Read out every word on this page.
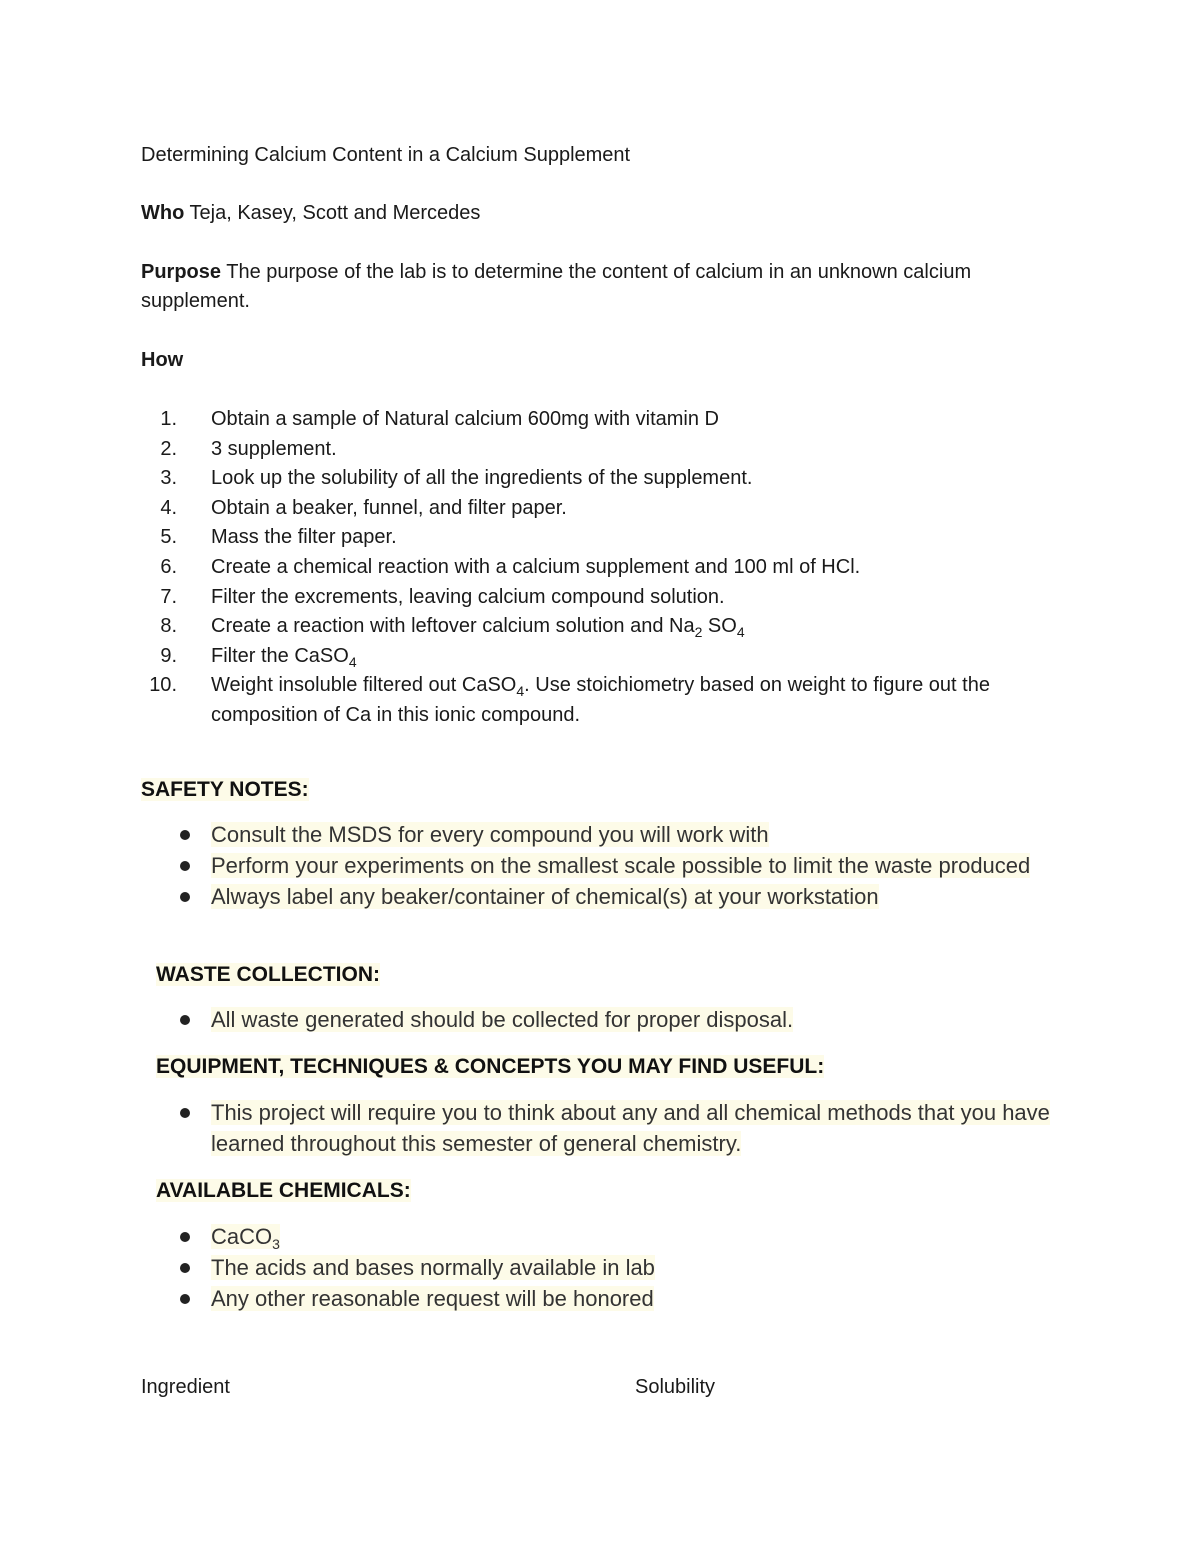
Determining Calcium Content in a Calcium Supplement
Who Teja, Kasey, Scott and Mercedes
Purpose The purpose of the lab is to determine the content of calcium in an unknown calcium supplement.
How
1 . Obtain a sample of Natural calcium 600mg with vitamin D
2 . 3 supplement.
3 . Look up the solubility of all the ingredients of the supplement.
4 . Obtain a beaker, funnel, and filter paper.
5 . Mass the filter paper.
6 . Create a chemical reaction with a calcium supplement and 100 ml of HCl.
7 . Filter the excrements, leaving calcium compound solution.
8 . Create a reaction with leftover calcium solution and $Na_2$ $SO_4$
9 . Filter the CaSO$_4$
10 . Weight insoluble filtered out CaSO$_4$. Use stoichiometry based on weight to figure out the composition of Ca in this ionic compound.
SAFETY NOTES:
Consult the MSDS for every compound you will work with
Perform your experiments on the smallest scale possible to limit the waste produced
Always label any beaker/container of chemical(s) at your workstation
WASTE COLLECTION:
All waste generated should be collected for proper disposal.
EQUIPMENT, TECHNIQUES & CONCEPTS YOU MAY FIND USEFUL:
This project will require you to think about any and all chemical methods that you have learned throughout this semester of general chemistry.
AVAILABLE CHEMICALS:
CaCO$_3$
The acids and bases normally available in lab
Any other reasonable request will be honored
Ingredient	Solubility
